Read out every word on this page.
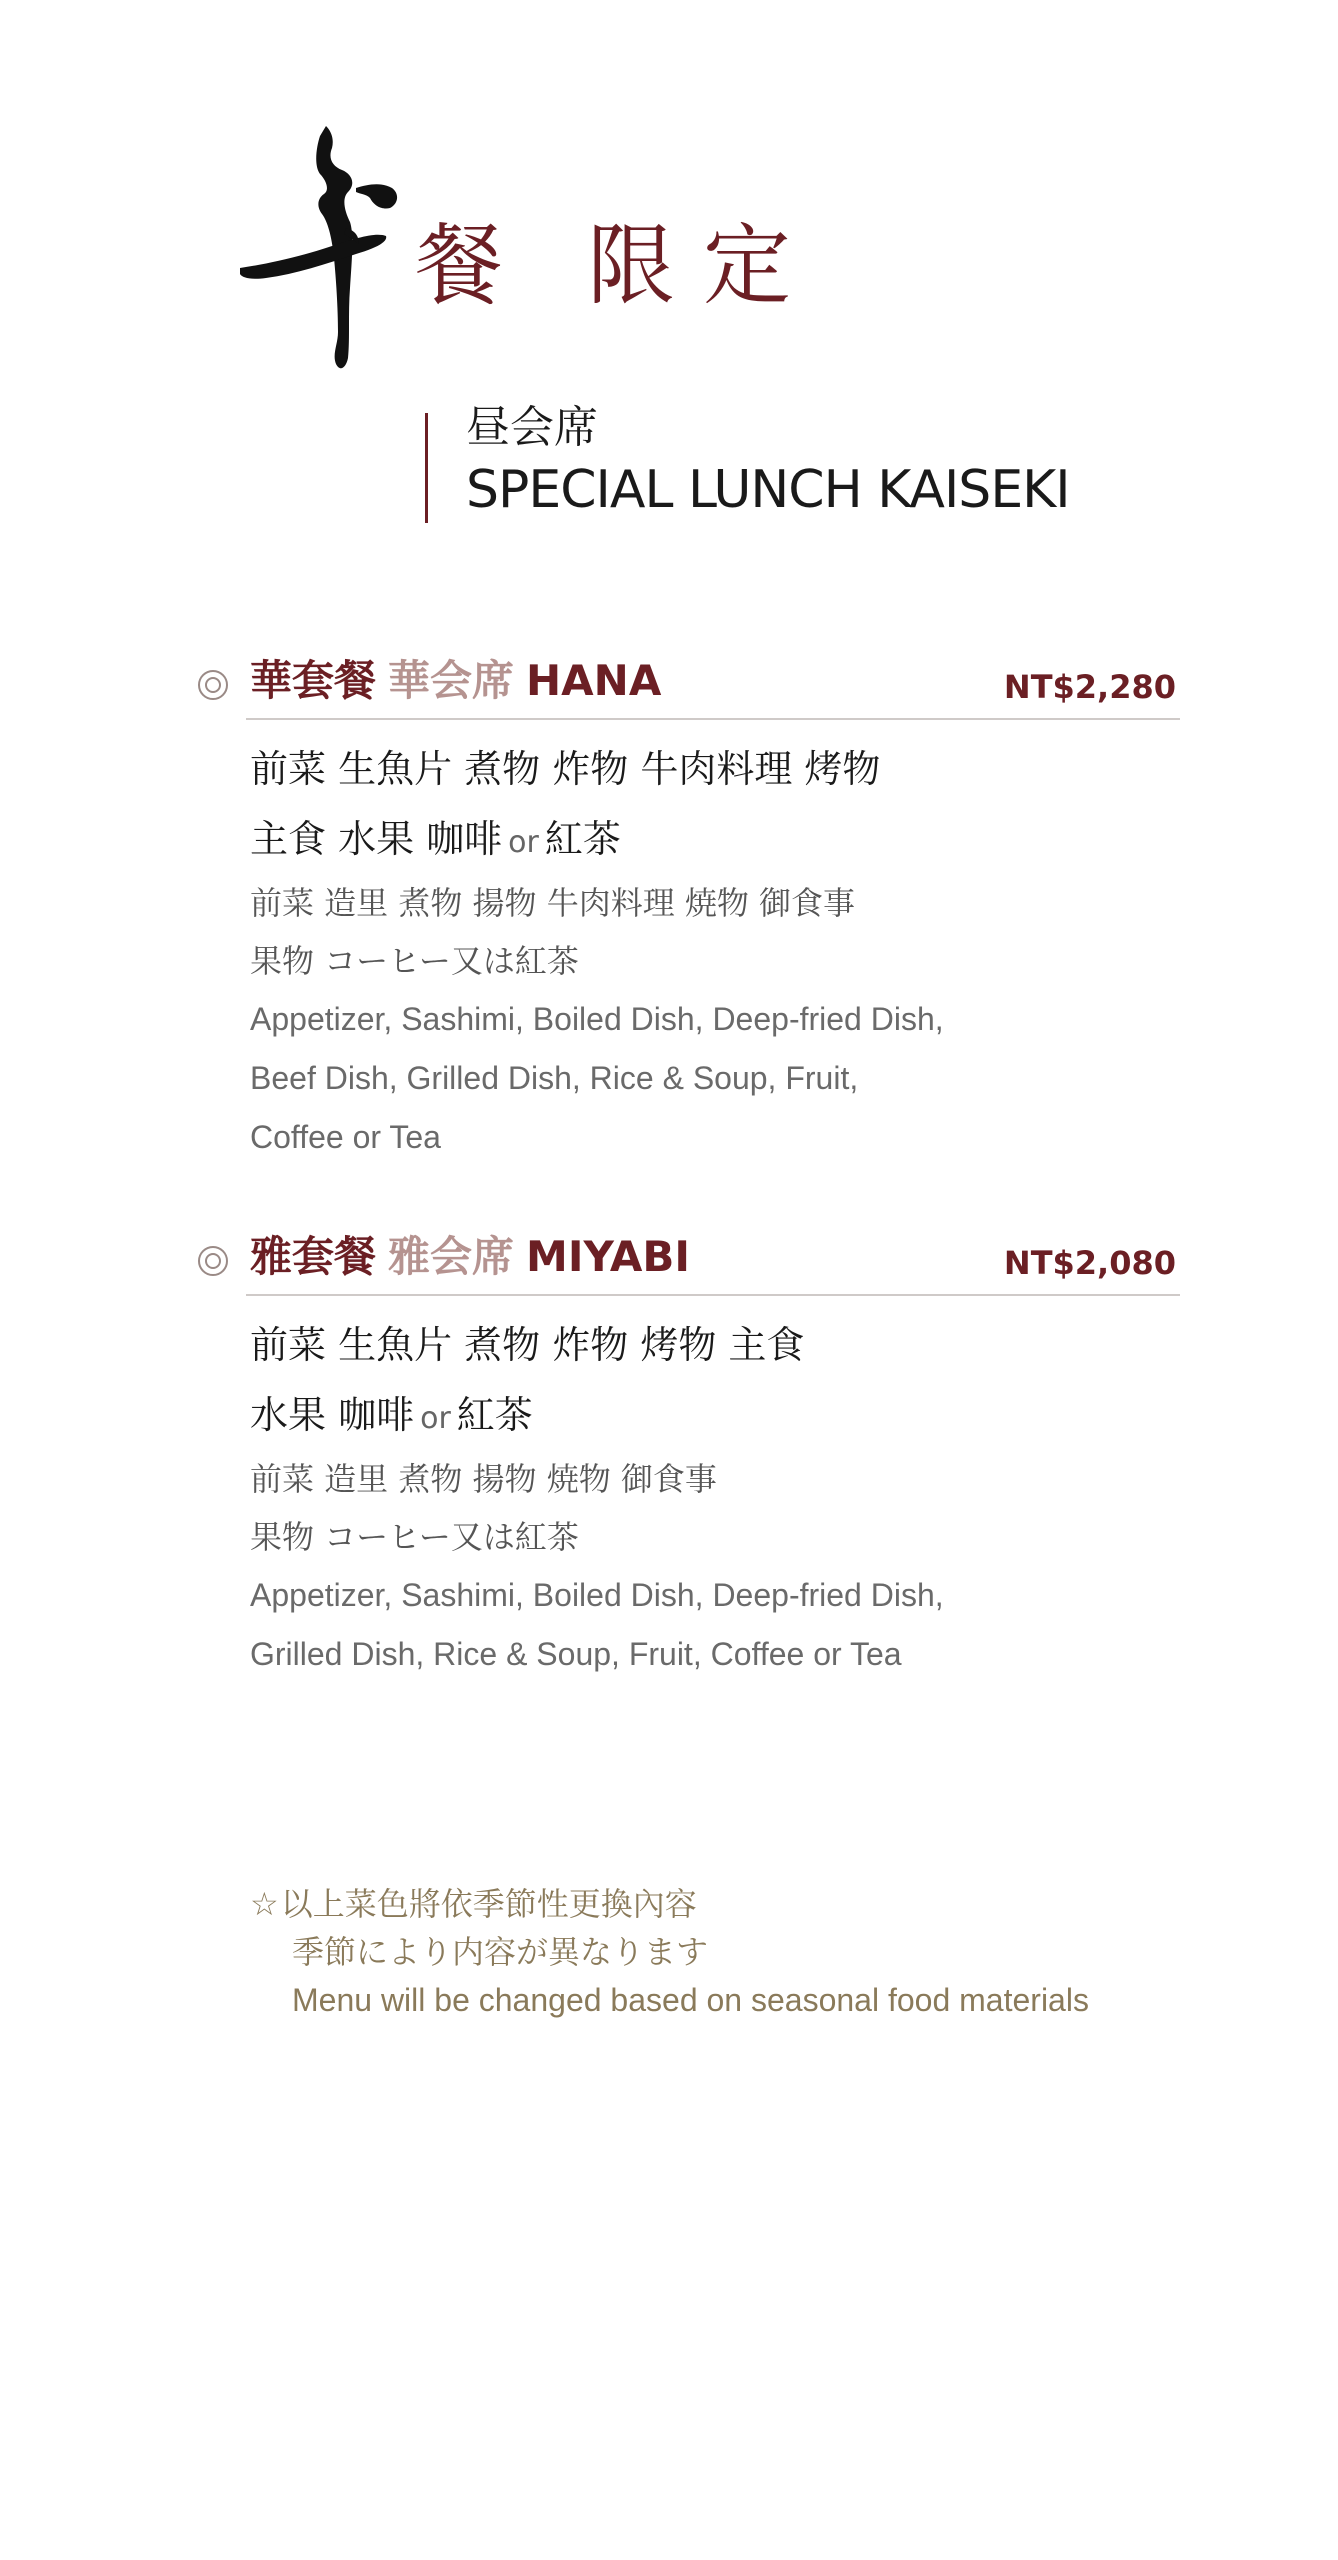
餐 限定
昼会席
SPECIAL LUNCH KAISEKI
華套餐 華会席 HANA	NT$2,280
前菜 生魚片 煮物 炸物 牛肉料理 烤物
主食 水果 咖啡 or 紅茶
前菜 造里 煮物 揚物 牛肉料理 焼物 御食事
果物 コーヒー又は紅茶
Appetizer, Sashimi, Boiled Dish, Deep-fried Dish,
Beef Dish, Grilled Dish, Rice & Soup, Fruit,
Coffee or Tea
雅套餐 雅会席 MIYABI	NT$2,080
前菜 生魚片 煮物 炸物 烤物 主食
水果 咖啡 or 紅茶
前菜 造里 煮物 揚物 焼物 御食事
果物 コーヒー又は紅茶
Appetizer, Sashimi, Boiled Dish, Deep-fried Dish,
Grilled Dish, Rice & Soup, Fruit, Coffee or Tea
☆以上菜色將依季節性更換內容
季節により内容が異なります
Menu will be changed based on seasonal food materials
